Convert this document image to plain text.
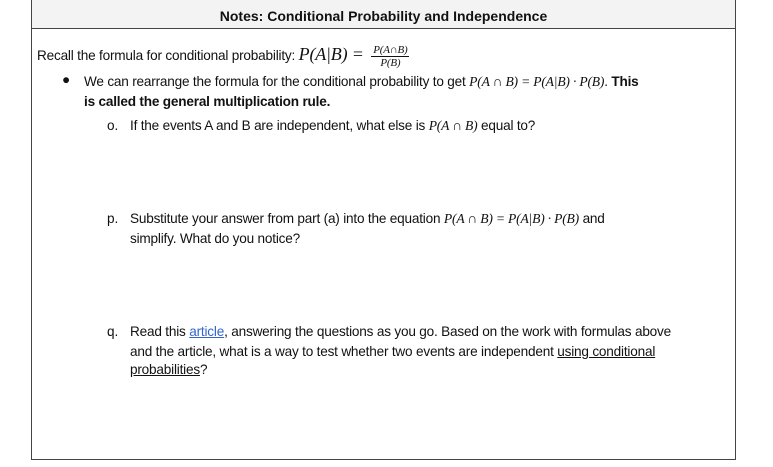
Notes: Conditional Probability and Independence
Recall the formula for conditional probability: $P(A|B) = \frac{P(A\cap B)}{P(B)}$
● We can rearrange the formula for the conditional probability to get P(A ∩ B) = P(A|B) · P(B). This
is called the general multiplication rule.
o. If the events A and B are independent, what else is P(A ∩ B) equal to?
p. Substitute your answer from part (a) into the equation P(A ∩ B) = P(A|B) · P(B) and
simplify. What do you notice?
q. Read this article, answering the questions as you go. Based on the work with formulas above
and the article, what is a way to test whether two events are independent using conditional
probabilities?
